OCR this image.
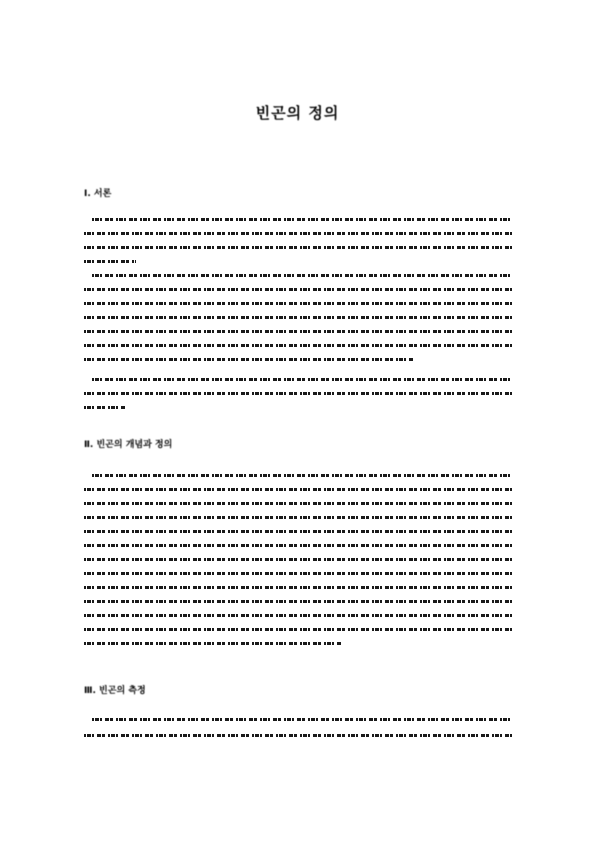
빈곤의 정의
Ⅰ. 서론
Ⅱ. 빈곤의 개념과 정의
Ⅲ. 빈곤의 측정
